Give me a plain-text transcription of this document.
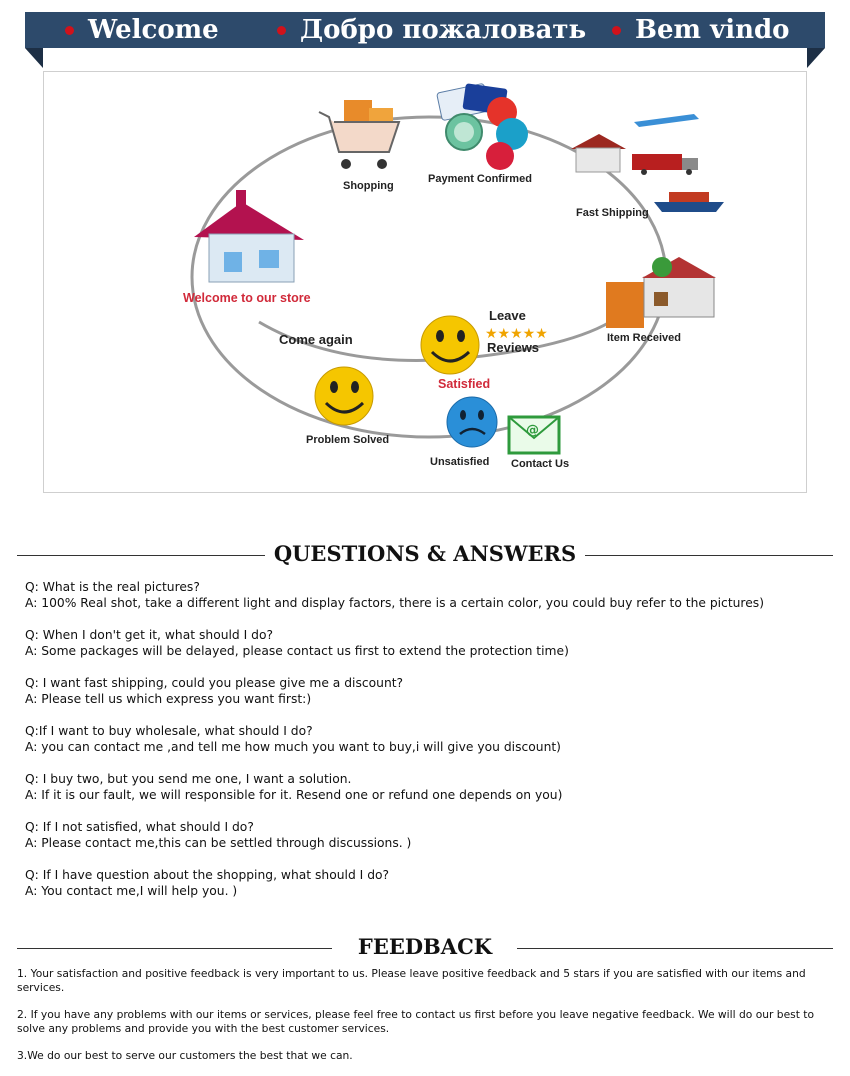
Welcome	Добро пожаловать Bem vindo
★★★★★
@
Shopping
Payment Confirmed
Fast Shipping
Item Received
Welcome to our store
Come again
Leave
Reviews
Satisfied
Problem Solved
Unsatisfied Contact Us
QUESTIONS & ANSWERS
Q: What is the real pictures?
A: 100% Real shot, take a different light and display factors, there is a certain color, you could buy refer to the pictures)
Q: When I don't get it, what should I do?
A: Some packages will be delayed, please contact us first to extend the protection time)
Q: I want fast shipping, could you please give me a discount?
A: Please tell us which express you want first:)
Q:If I want to buy wholesale, what should I do?
A: you can contact me ,and tell me how much you want to buy,i will give you discount)
Q: I buy two, but you send me one, I want a solution.
A: If it is our fault, we will responsible for it. Resend one or refund one depends on you)
Q: If I not satisfied, what should I do?
A: Please contact me,this can be settled through discussions. )
Q: If I have question about the shopping, what should I do?
A: You contact me,I will help you. )
FEEDBACK

1. Your satisfaction and positive feedback is very important to us. Please leave positive feedback and 5 stars if you are satisfied with our items and services.

2. If you have any problems with our items or services, please feel free to contact us first before you leave negative feedback. We will do our best to solve any problems and provide you with the best customer services.

3.We do our best to serve our customers the best that we can.
